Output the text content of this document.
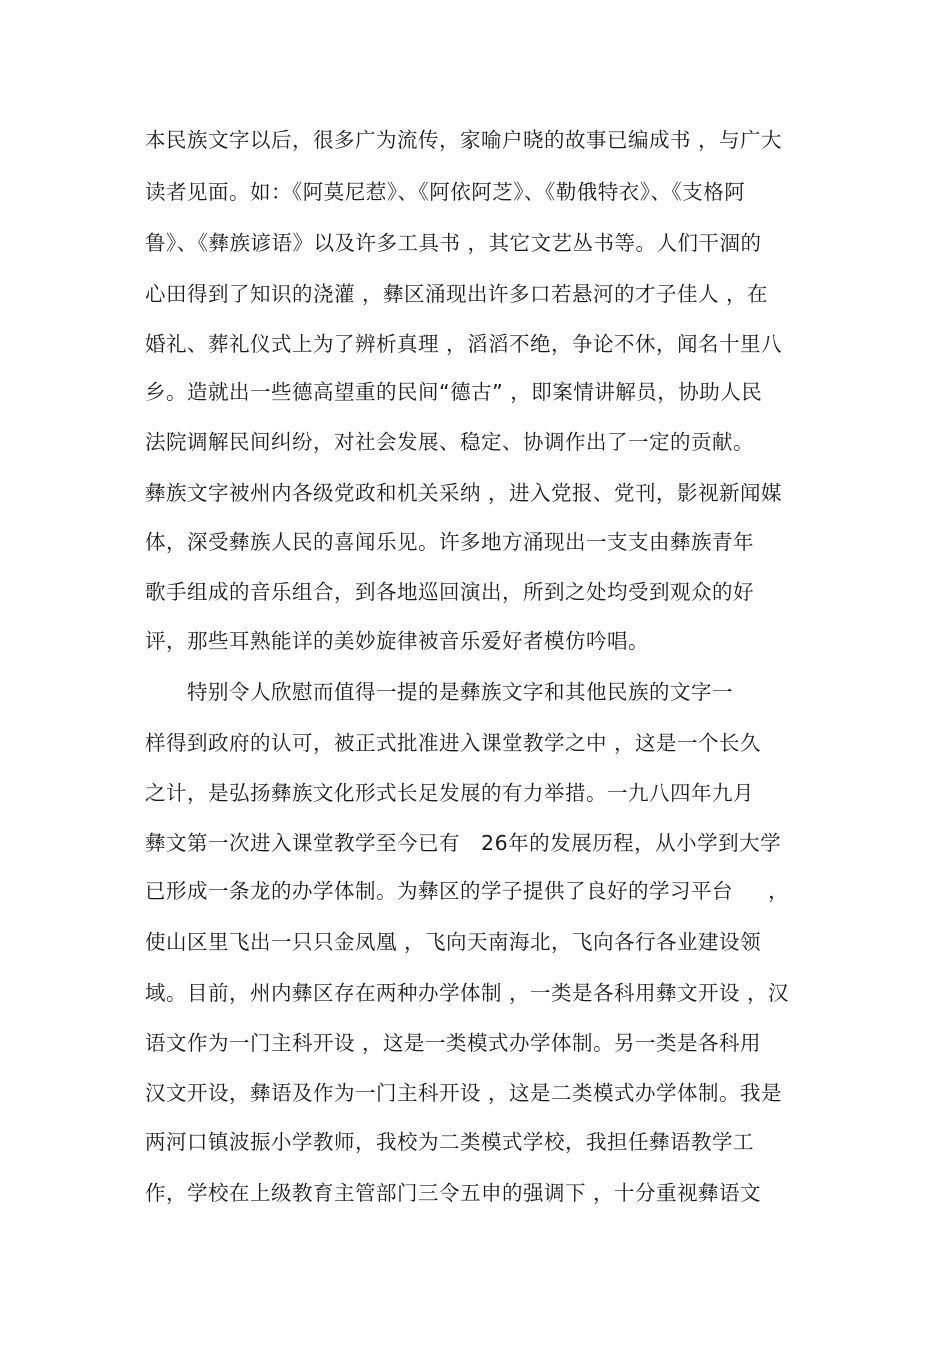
本民族文字以后，很多广为流传，家喻户晓的故事已编成书 ，与广大
读者见面。如：《阿莫尼惹》、《阿依阿芝》、《勒俄特衣》、《支格阿
鲁》、《彝族谚语》以及许多工具书 ，其它文艺丛书等。人们干涸的
心田得到了知识的浇灌 ，彝区涌现出许多口若悬河的才子佳人 ，在
婚礼、葬礼仪式上为了辨析真理 ，滔滔不绝，争论不休，闻名十里八
乡。造就出一些德高望重的民间“德古” ，即案情讲解员，协助人民
法院调解民间纠纷，对社会发展、稳定、协调作出了一定的贡献。
彝族文字被州内各级党政和机关采纳 ，进入党报、党刊，影视新闻媒
体，深受彝族人民的喜闻乐见。许多地方涌现出一支支由彝族青年
歌手组成的音乐组合，到各地巡回演出，所到之处均受到观众的好
评，那些耳熟能详的美妙旋律被音乐爱好者模仿吟唱。
特别令人欣慰而值得一提的是彝族文字和其他民族的文字一
样得到政府的认可，被正式批准进入课堂教学之中 ，这是一个长久
之计，是弘扬彝族文化形式长足发展的有力举措。一九八四年九月
彝文第一次进入课堂教学至今已有   26年的发展历程，从小学到大学
已形成一条龙的办学体制。为彝区的学子提供了良好的学习平台     ，
使山区里飞出一只只金凤凰 ，飞向天南海北，飞向各行各业建设领
域。目前，州内彝区存在两种办学体制 ，一类是各科用彝文开设 ，汉
语文作为一门主科开设 ，这是一类模式办学体制。另一类是各科用
汉文开设，彝语及作为一门主科开设 ，这是二类模式办学体制。我是
两河口镇波振小学教师，我校为二类模式学校，我担任彝语教学工
作，学校在上级教育主管部门三令五申的强调下 ，十分重视彝语文
